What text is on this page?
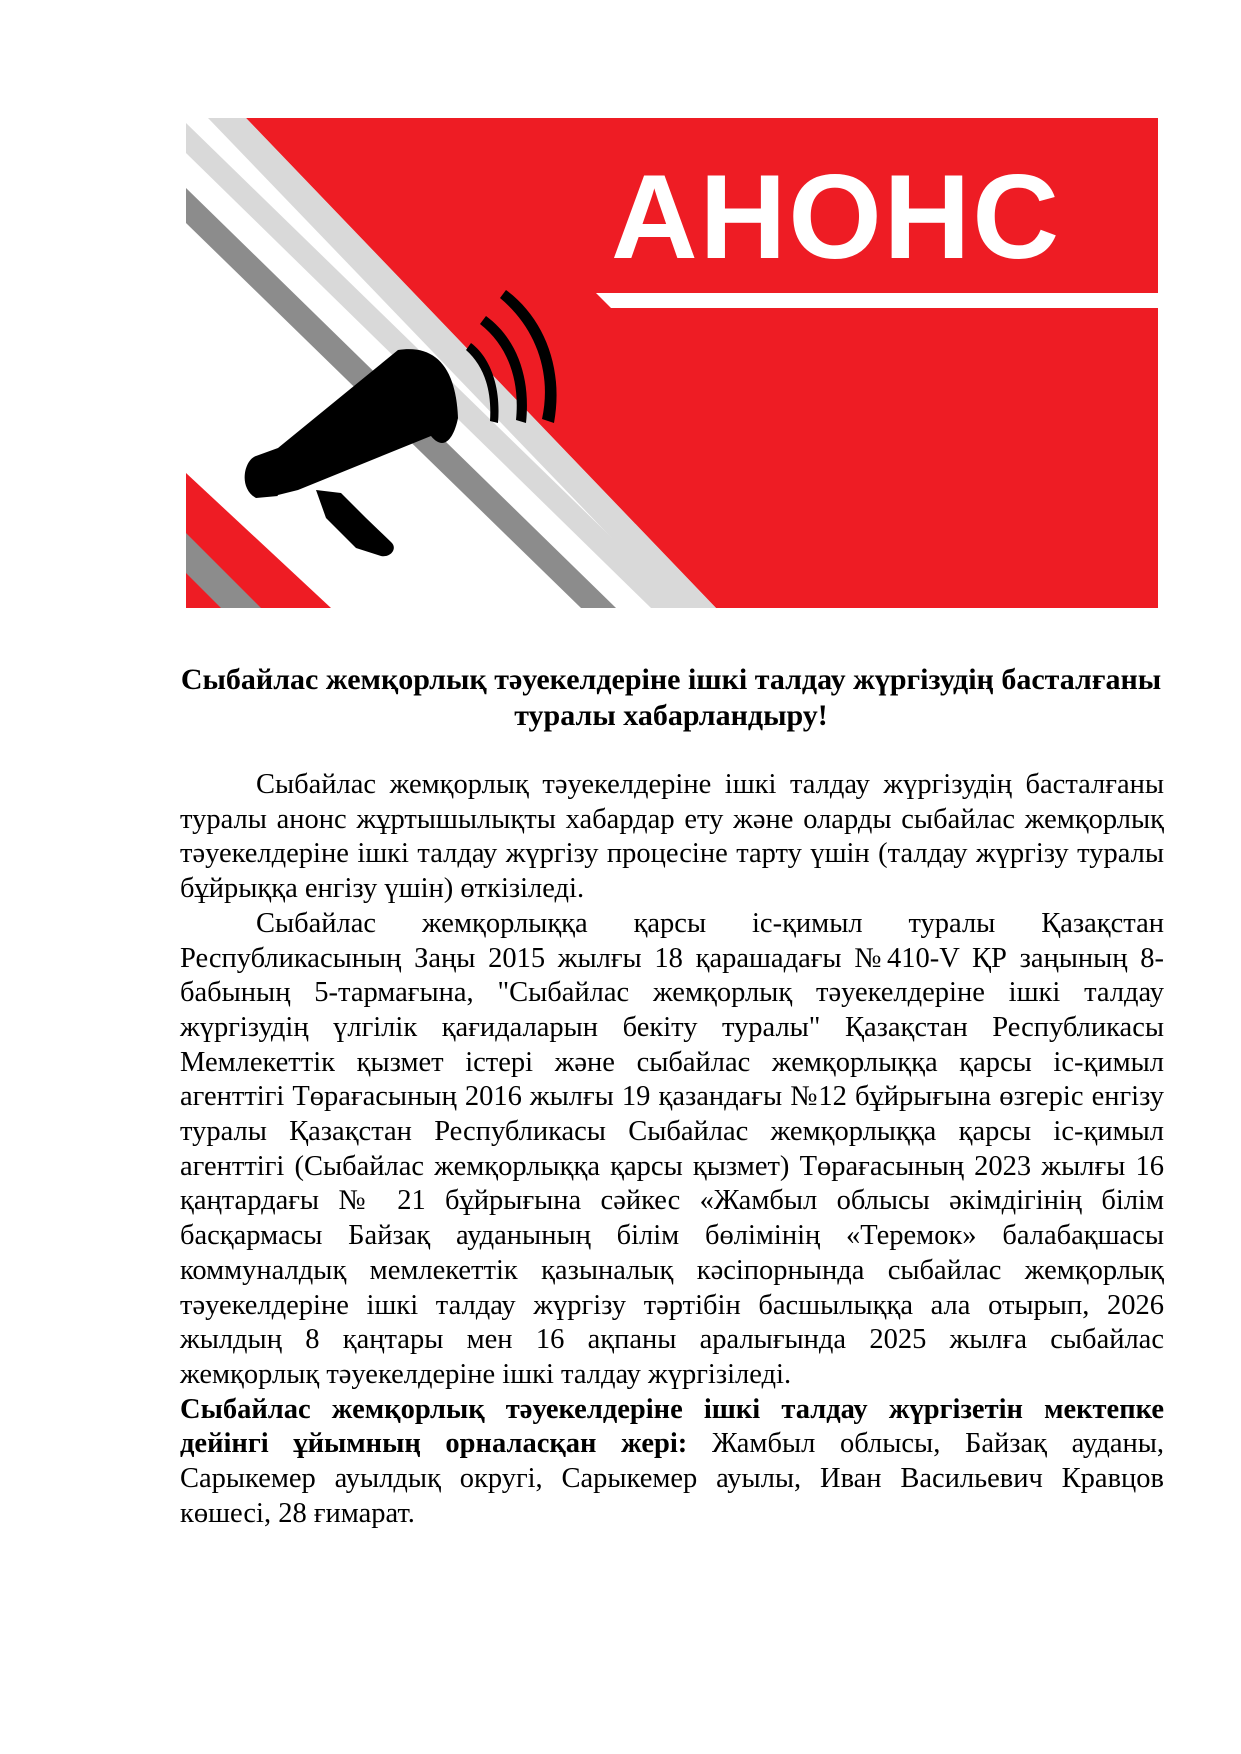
АНОНС
Сыбайлас жемқорлық тәуекелдеріне ішкі талдау жүргізудің басталғаны
туралы хабарландыру!

Сыбайлас жемқорлық тәуекелдеріне ішкі талдау жүргізудің басталғаны туралы анонс жұртышылықты хабардар ету және оларды сыбайлас жемқорлық тәуекелдеріне ішкі талдау жүргізу процесіне тарту үшін (талдау жүргізу туралы бұйрыққа енгізу үшін) өткізіледі.

Сыбайлас жемқорлыққа қарсы іс-қимыл туралы Қазақстан Республикасының Заңы 2015 жылғы 18 қарашадағы №410-V ҚР заңының 8-бабының 5-тармағына, "Сыбайлас жемқорлық тәуекелдеріне ішкі талдау жүргізудің үлгілік қағидаларын бекіту туралы" Қазақстан Республикасы Мемлекеттік қызмет істері және сыбайлас жемқорлыққа қарсы іс-қимыл агенттігі Төрағасының 2016 жылғы 19 қазандағы №12 бұйрығына өзгеріс енгізу туралы Қазақстан Республикасы Сыбайлас жемқорлыққа қарсы іс-қимыл агенттігі (Сыбайлас жемқорлыққа қарсы қызмет) Төрағасының 2023 жылғы 16 қаңтардағы № 21 бұйрығына сәйкес «Жамбыл облысы әкімдігінің білім басқармасы Байзақ ауданының білім бөлімінің «Теремок» балабақшасы коммуналдық мемлекеттік қазыналық кәсіпорнында сыбайлас жемқорлық тәуекелдеріне ішкі талдау жүргізу тәртібін басшылыққа ала отырып, 2026 жылдың 8 қаңтары мен 16 ақпаны аралығында 2025 жылға сыбайлас жемқорлық тәуекелдеріне ішкі талдау жүргізіледі.

Сыбайлас жемқорлық тәуекелдеріне ішкі талдау жүргізетін мектепке дейінгі ұйымның орналасқан жері: Жамбыл облысы, Байзақ ауданы, Сарыкемер ауылдық округі, Сарыкемер ауылы, Иван Васильевич Кравцов көшесі, 28 ғимарат.
